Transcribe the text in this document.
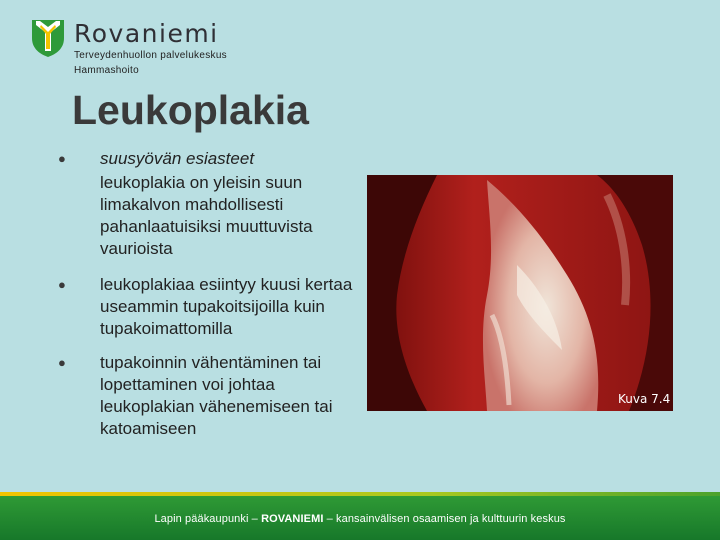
Rovaniemi
Terveydenhuollon palvelukeskus
Hammashoito
Leukoplakia
● suusyövän esiasteet
leukoplakia on yleisin suun limakalvon mahdollisesti pahanlaatuisiksi muuttuvista vaurioista
● leukoplakiaa esiintyy kuusi kertaa useammin tupakoitsijoilla kuin tupakoimattomilla
● tupakoinnin vähentäminen tai lopettaminen voi johtaa leukoplakian vähenemiseen tai katoamiseen
Kuva 7.4
Lapin pääkaupunki – ROVANIEMI – kansainvälisen osaamisen ja kulttuurin keskus
